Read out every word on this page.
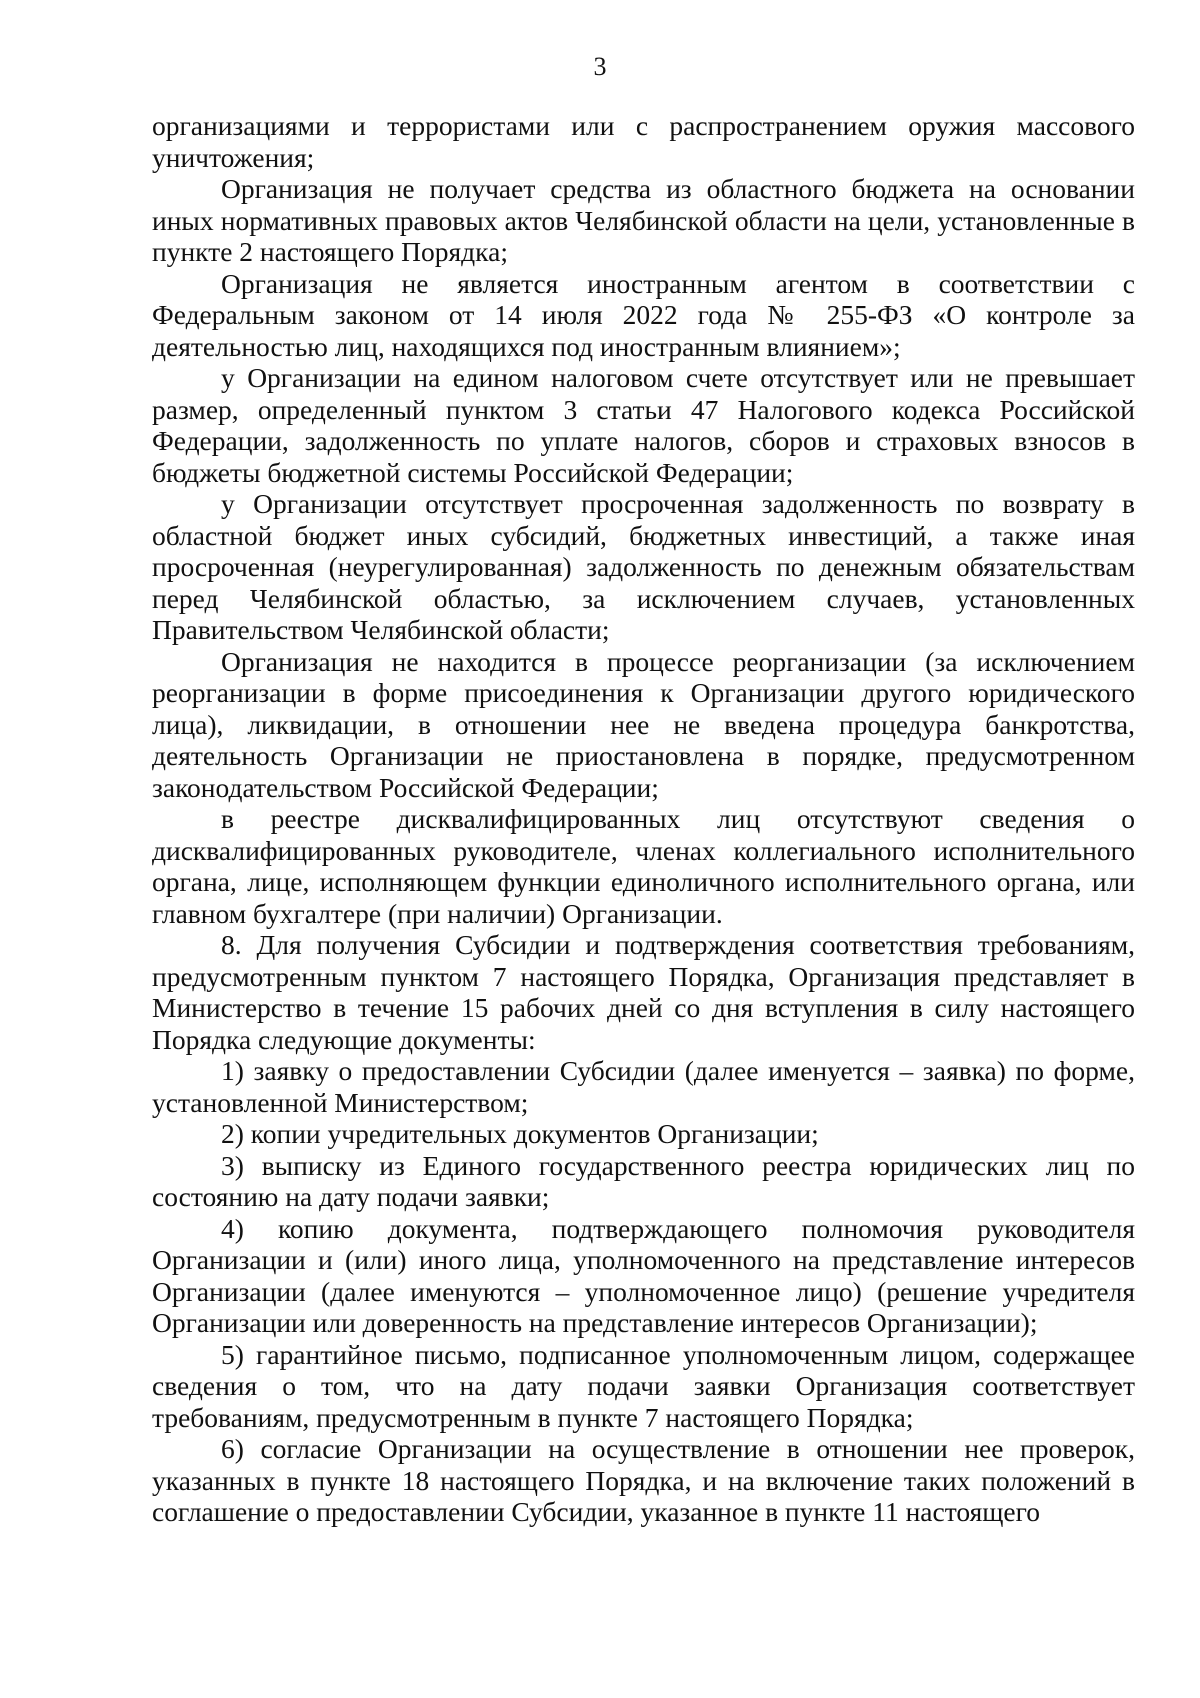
3

организациями и террористами или с распространением оружия массового уничтожения;

Организация не получает средства из областного бюджета на основании иных нормативных правовых актов Челябинской области на цели, установленные в пункте 2 настоящего Порядка;

Организация не является иностранным агентом в соответствии с Федеральным законом от 14 июля 2022 года № 255-ФЗ «О контроле за деятельностью лиц, находящихся под иностранным влиянием»;

у Организации на едином налоговом счете отсутствует или не превышает размер, определенный пунктом 3 статьи 47 Налогового кодекса Российской Федерации, задолженность по уплате налогов, сборов и страховых взносов в бюджеты бюджетной системы Российской Федерации;

у Организации отсутствует просроченная задолженность по возврату в областной бюджет иных субсидий, бюджетных инвестиций, а также иная просроченная (неурегулированная) задолженность по денежным обязательствам перед Челябинской областью, за исключением случаев, установленных Правительством Челябинской области;

Организация не находится в процессе реорганизации (за исключением реорганизации в форме присоединения к Организации другого юридического лица), ликвидации, в отношении нее не введена процедура банкротства, деятельность Организации не приостановлена в порядке, предусмотренном законодательством Российской Федерации;

в реестре дисквалифицированных лиц отсутствуют сведения о дисквалифицированных руководителе, членах коллегиального исполнительного органа, лице, исполняющем функции единоличного исполнительного органа, или главном бухгалтере (при наличии) Организации.

8. Для получения Субсидии и подтверждения соответствия требованиям, предусмотренным пунктом 7 настоящего Порядка, Организация представляет в Министерство в течение 15 рабочих дней со дня вступления в силу настоящего Порядка следующие документы:

1) заявку о предоставлении Субсидии (далее именуется – заявка) по форме, установленной Министерством;

2) копии учредительных документов Организации;

3) выписку из Единого государственного реестра юридических лиц по состоянию на дату подачи заявки;

4) копию документа, подтверждающего полномочия руководителя Организации и (или) иного лица, уполномоченного на представление интересов Организации (далее именуются – уполномоченное лицо) (решение учредителя Организации или доверенность на представление интересов Организации);

5) гарантийное письмо, подписанное уполномоченным лицом, содержащее сведения о том, что на дату подачи заявки Организация соответствует требованиям, предусмотренным в пункте 7 настоящего Порядка;

6) согласие Организации на осуществление в отношении нее проверок, указанных в пункте 18 настоящего Порядка, и на включение таких положений в соглашение о предоставлении Субсидии, указанное в пункте 11 настоящего
